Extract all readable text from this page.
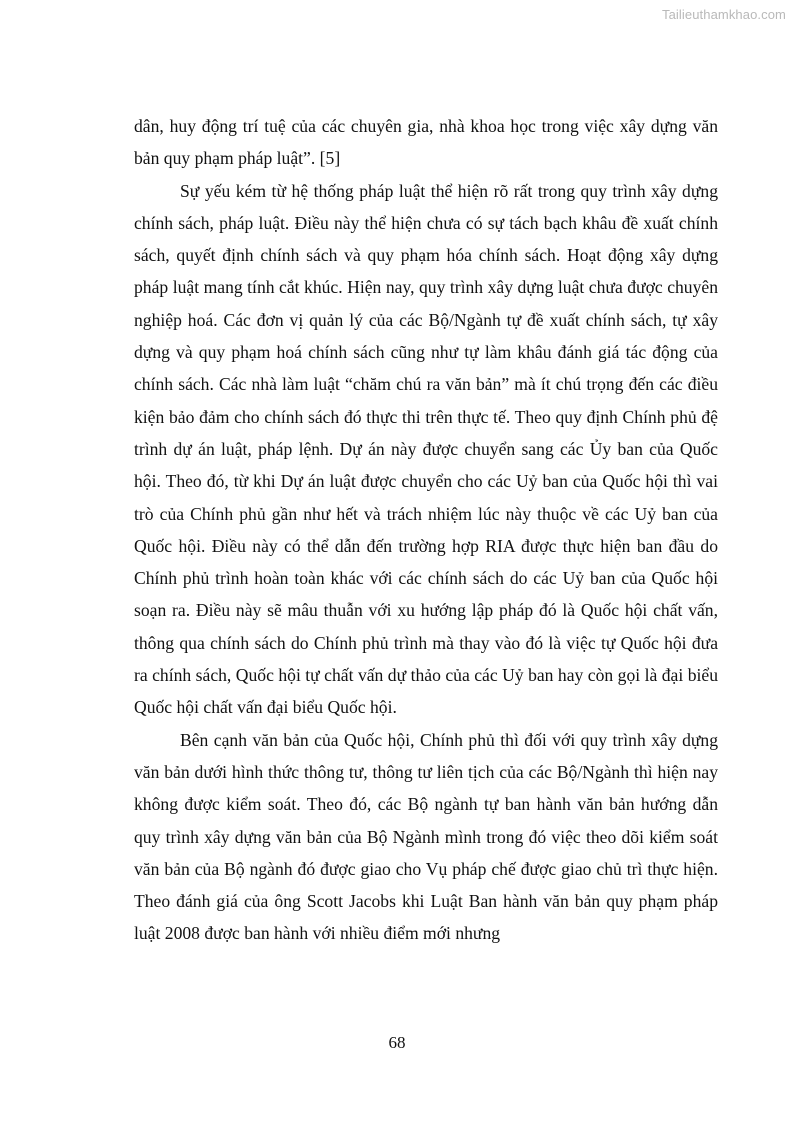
Tailieuthamkhao.com

dân, huy động trí tuệ của các chuyên gia, nhà khoa học trong việc xây dựng văn bản quy phạm pháp luật”. [5]

Sự yếu kém từ hệ thống pháp luật thể hiện rõ rất trong quy trình xây dựng chính sách, pháp luật. Điều này thể hiện chưa có sự tách bạch khâu đề xuất chính sách, quyết định chính sách và quy phạm hóa chính sách. Hoạt động xây dựng pháp luật mang tính cắt khúc. Hiện nay, quy trình xây dựng luật chưa được chuyên nghiệp hoá. Các đơn vị quản lý của các Bộ/Ngành tự đề xuất chính sách, tự xây dựng và quy phạm hoá chính sách cũng như tự làm khâu đánh giá tác động của chính sách. Các nhà làm luật “chăm chú ra văn bản” mà ít chú trọng đến các điều kiện bảo đảm cho chính sách đó thực thi trên thực tế. Theo quy định Chính phủ đệ trình dự án luật, pháp lệnh. Dự án này được chuyển sang các Ủy ban của Quốc hội. Theo đó, từ khi Dự án luật được chuyển cho các Uỷ ban của Quốc hội thì vai trò của Chính phủ gần như hết và trách nhiệm lúc này thuộc về các Uỷ ban của Quốc hội. Điều này có thể dẫn đến trường hợp RIA được thực hiện ban đầu do Chính phủ trình hoàn toàn khác với các chính sách do các Uỷ ban của Quốc hội soạn ra. Điều này sẽ mâu thuẫn với xu hướng lập pháp đó là Quốc hội chất vấn, thông qua chính sách do Chính phủ trình mà thay vào đó là việc tự Quốc hội đưa ra chính sách, Quốc hội tự chất vấn dự thảo của các Uỷ ban hay còn gọi là đại biểu Quốc hội chất vấn đại biểu Quốc hội.

Bên cạnh văn bản của Quốc hội, Chính phủ thì đối với quy trình xây dựng văn bản dưới hình thức thông tư, thông tư liên tịch của các Bộ/Ngành thì hiện nay không được kiểm soát. Theo đó, các Bộ ngành tự ban hành văn bản hướng dẫn quy trình xây dựng văn bản của Bộ Ngành mình trong đó việc theo dõi kiểm soát văn bản của Bộ ngành đó được giao cho Vụ pháp chế được giao chủ trì thực hiện. Theo đánh giá của ông Scott Jacobs khi Luật Ban hành văn bản quy phạm pháp luật 2008 được ban hành với nhiều điểm mới nhưng

68
